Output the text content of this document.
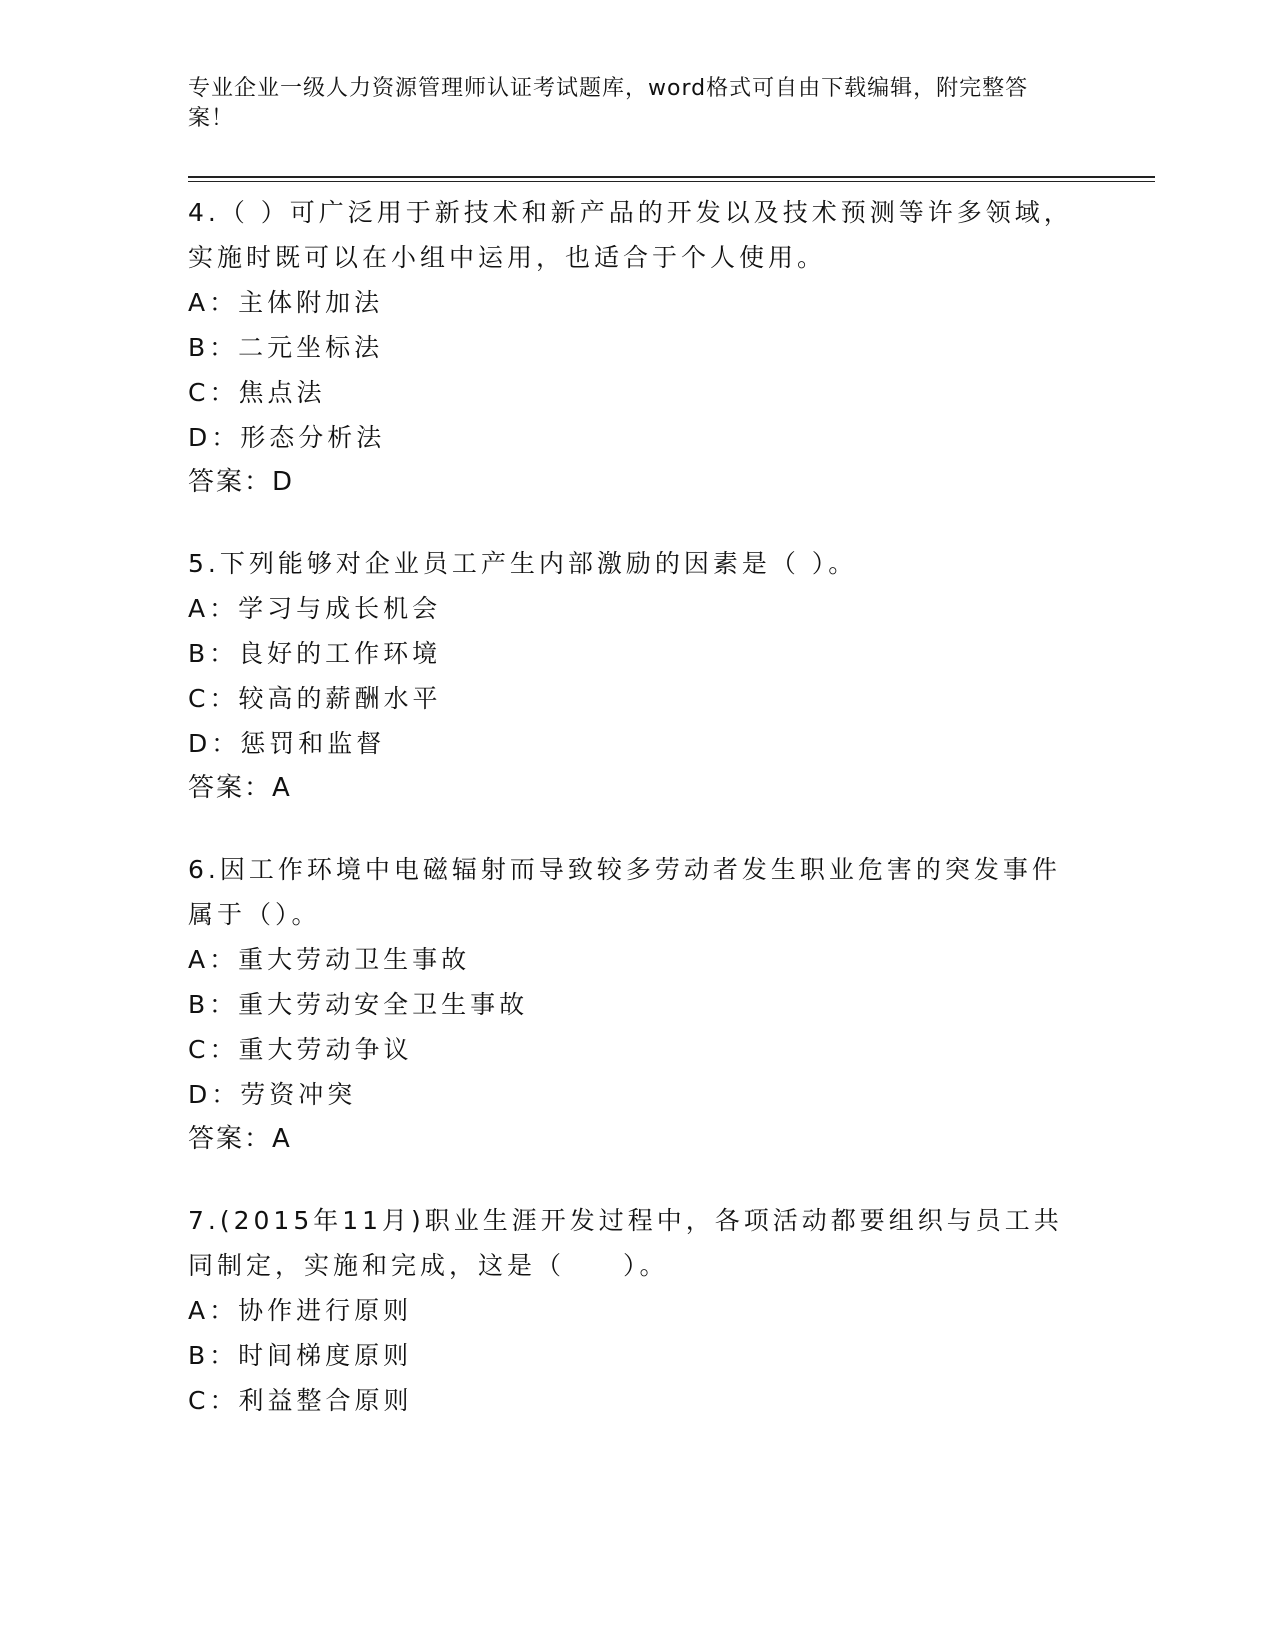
专业企业一级人力资源管理师认证考试题库，word格式可自由下载编辑，附完整答案！
4.（ ）可广泛用于新技术和新产品的开发以及技术预测等许多领域，实施时既可以在小组中运用，也适合于个人使用。
A：主体附加法
B：二元坐标法
C：焦点法
D：形态分析法
答案：D
5.下列能够对企业员工产生内部激励的因素是（ ）。
A：学习与成长机会
B：良好的工作环境
C：较高的薪酬水平
D：惩罚和监督
答案：A
6.因工作环境中电磁辐射而导致较多劳动者发生职业危害的突发事件属于（）。
A：重大劳动卫生事故
B：重大劳动安全卫生事故
C：重大劳动争议
D：劳资冲突
答案：A
7.(2015年11月)职业生涯开发过程中，各项活动都要组织与员工共同制定，实施和完成，这是（　　）。
A：协作进行原则
B：时间梯度原则
C：利益整合原则
